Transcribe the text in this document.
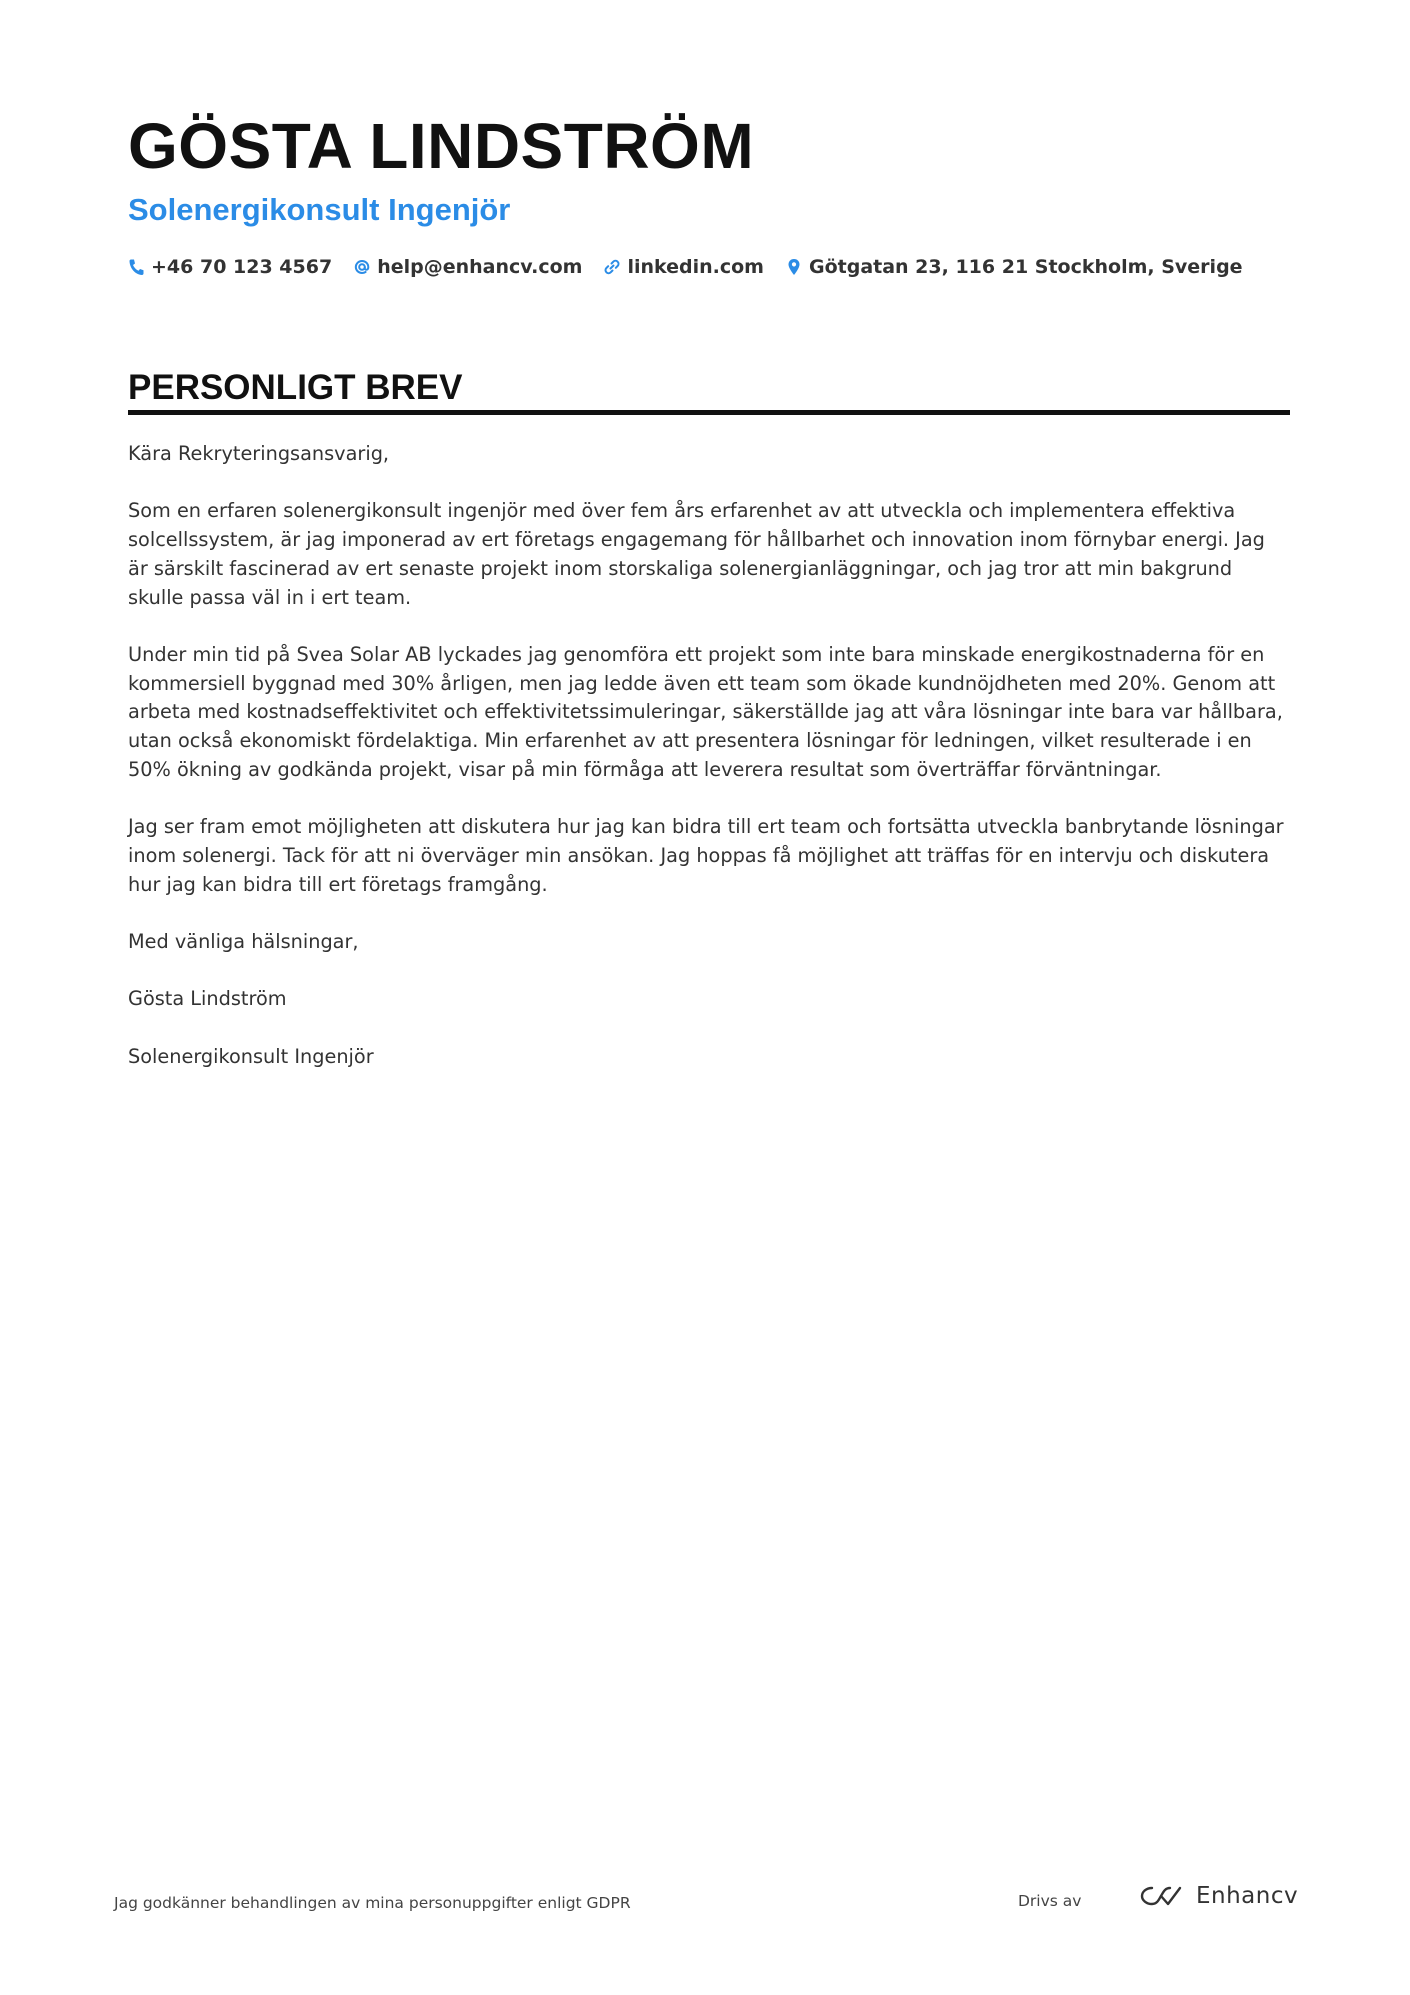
GÖSTA LINDSTRÖM
Solenergikonsult Ingenjör
+46 70 123 4567 help@enhancv.com linkedin.com Götgatan 23, 116 21 Stockholm, Sverige
PERSONLIGT BREV

Kära Rekryteringsansvarig,

Som en erfaren solenergikonsult ingenjör med över fem års erfarenhet av att utveckla och implementera effektiva solcellssystem, är jag imponerad av ert företags engagemang för hållbarhet och innovation inom förnybar energi. Jag är särskilt fascinerad av ert senaste projekt inom storskaliga solenergianläggningar, och jag tror att min bakgrund skulle passa väl in i ert team.

Under min tid på Svea Solar AB lyckades jag genomföra ett projekt som inte bara minskade energikostnaderna för en kommersiell byggnad med 30% årligen, men jag ledde även ett team som ökade kundnöjdheten med 20%. Genom att arbeta med kostnadseffektivitet och effektivitetssimuleringar, säkerställde jag att våra lösningar inte bara var hållbara, utan också ekonomiskt fördelaktiga. Min erfarenhet av att presentera lösningar för ledningen, vilket resulterade i en 50% ökning av godkända projekt, visar på min förmåga att leverera resultat som överträffar förväntningar.

Jag ser fram emot möjligheten att diskutera hur jag kan bidra till ert team och fortsätta utveckla banbrytande lösningar inom solenergi. Tack för att ni överväger min ansökan. Jag hoppas få möjlighet att träffas för en intervju och diskutera hur jag kan bidra till ert företags framgång.

Med vänliga hälsningar,

Gösta Lindström

Solenergikonsult Ingenjör

Jag godkänner behandlingen av mina personuppgifter enligt GDPR	Drivs av	Enhancv
